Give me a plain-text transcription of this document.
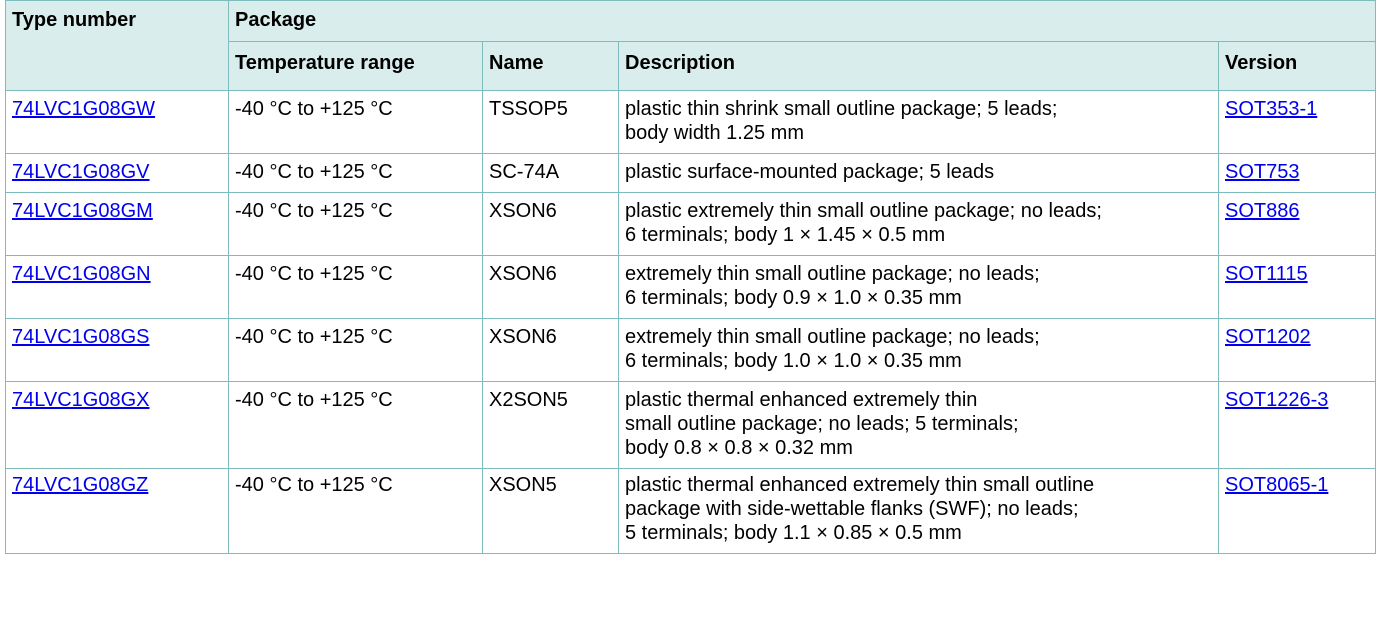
Type number	Package			
	Temperature range	Name	Description	Version
74LVC1G08GW	-40 °C to +125 °C	TSSOP5	plastic thin shrink small outline package; 5 leads;
body width 1.25 mm	SOT353-1
74LVC1G08GV	-40 °C to +125 °C	SC-74A	plastic surface-mounted package; 5 leads	SOT753
74LVC1G08GM	-40 °C to +125 °C	XSON6	plastic extremely thin small outline package; no leads;
6 terminals; body 1 × 1.45 × 0.5 mm	SOT886
74LVC1G08GN	-40 °C to +125 °C	XSON6	extremely thin small outline package; no leads;
6 terminals; body 0.9 × 1.0 × 0.35 mm	SOT1115
74LVC1G08GS	-40 °C to +125 °C	XSON6	extremely thin small outline package; no leads;
6 terminals; body 1.0 × 1.0 × 0.35 mm	SOT1202
74LVC1G08GX	-40 °C to +125 °C	X2SON5	plastic thermal enhanced extremely thin
small outline package; no leads; 5 terminals;
body 0.8 × 0.8 × 0.32 mm	SOT1226-3
74LVC1G08GZ	-40 °C to +125 °C	XSON5	plastic thermal enhanced extremely thin small outline
package with side-wettable flanks (SWF); no leads;
5 terminals; body 1.1 × 0.85 × 0.5 mm	SOT8065-1
